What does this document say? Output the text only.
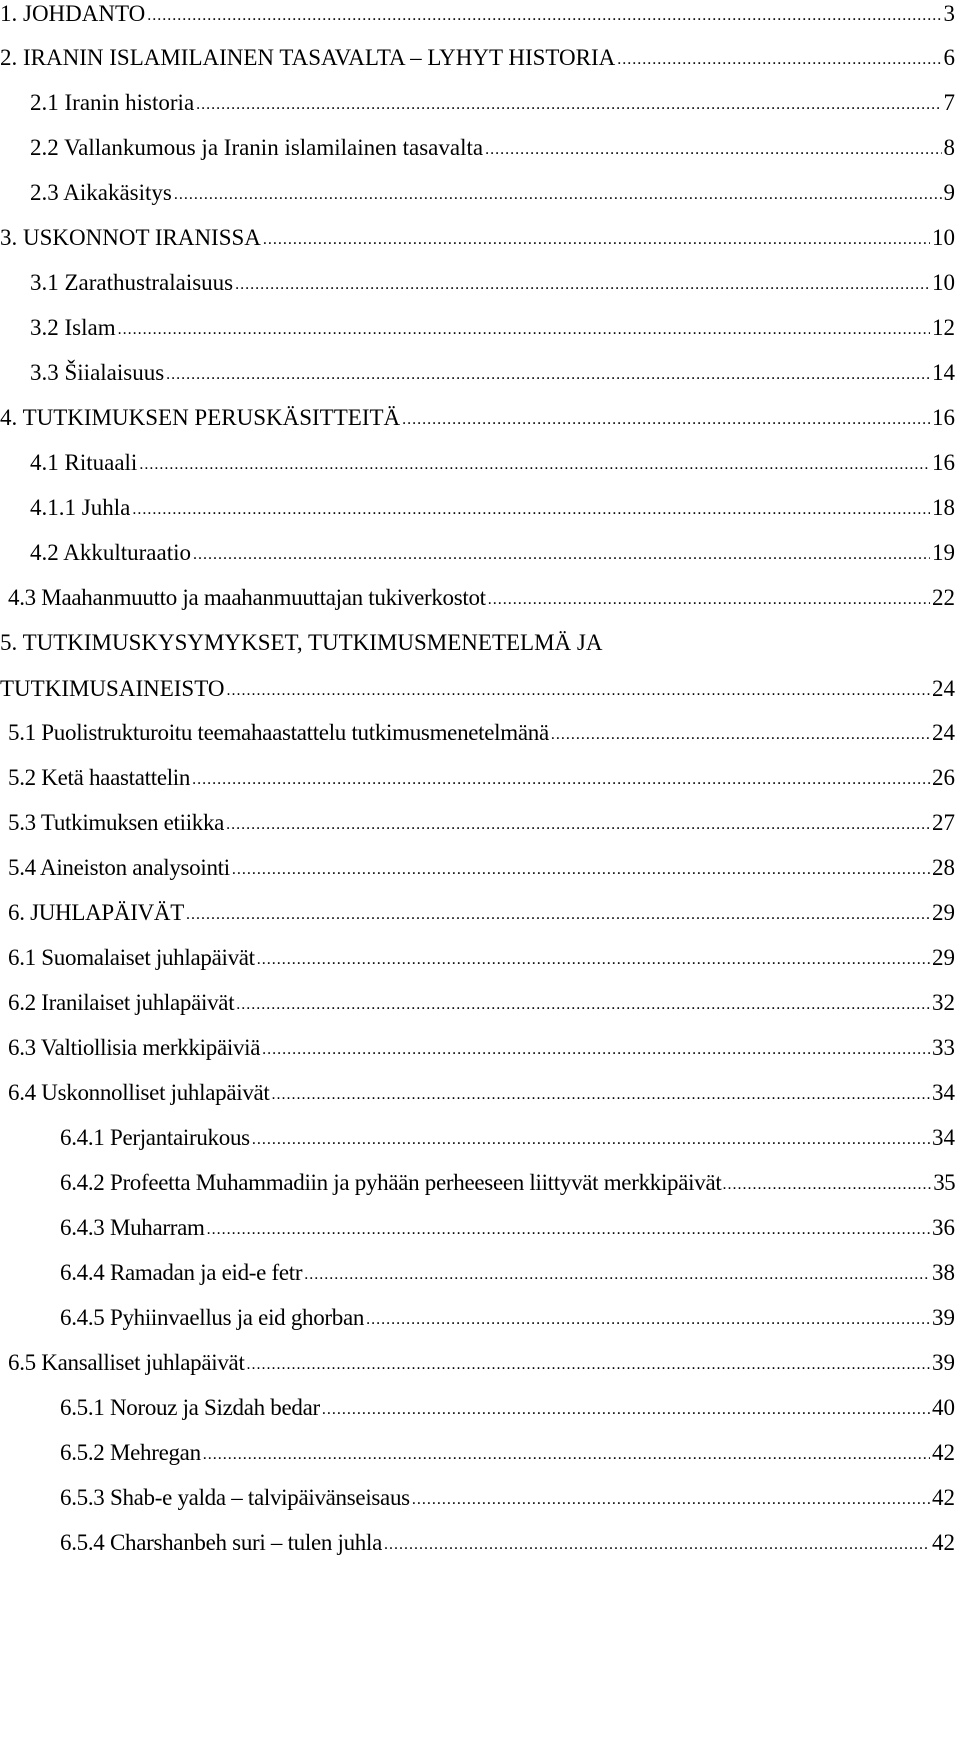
1. JOHDANTO .....	3
2. IRANIN ISLAMILAINEN TASAVALTA – LYHYT HISTORIA .....	6
2.1 Iranin historia .....	7
2.2 Vallankumous ja Iranin islamilainen tasavalta .....	8
2.3 Aikakäsitys .....	9
3. USKONNOT IRANISSA .....	10
3.1 Zarathustralaisuus .....	10
3.2 Islam .....	12
3.3 Šiialaisuus .....	14
4. TUTKIMUKSEN PERUSKÄSITTEITÄ .....	16
4.1 Rituaali .....	16
4.1.1 Juhla .....	18
4.2 Akkulturaatio .....	19
4.3 Maahanmuutto ja maahanmuuttajan tukiverkostot .....	22
5. TUTKIMUSKYSYMYKSET, TUTKIMUSMENETELMÄ JA
TUTKIMUSAINEISTO .....	24
5.1 Puolistrukturoitu teemahaastattelu tutkimusmenetelmänä .....	24
5.2 Ketä haastattelin .....	26
5.3 Tutkimuksen etiikka .....	27
5.4 Aineiston analysointi .....	28
6. JUHLAPÄIVÄT .....	29
6.1 Suomalaiset juhlapäivät .....	29
6.2 Iranilaiset juhlapäivät .....	32
6.3 Valtiollisia merkkipäiviä .....	33
6.4 Uskonnolliset juhlapäivät .....	34
6.4.1 Perjantairukous .....	34
6.4.2 Profeetta Muhammadiin ja pyhään perheeseen liittyvät merkkipäivät .....	35
6.4.3 Muharram .....	36
6.4.4 Ramadan ja eid-e fetr .....	38
6.4.5 Pyhiinvaellus ja eid ghorban .....	39
6.5 Kansalliset juhlapäivät .....	39
6.5.1 Norouz ja Sizdah bedar .....	40
6.5.2 Mehregan .....	42
6.5.3 Shab-e yalda – talvipäivänseisaus .....	42
6.5.4 Charshanbeh suri – tulen juhla .....	42
